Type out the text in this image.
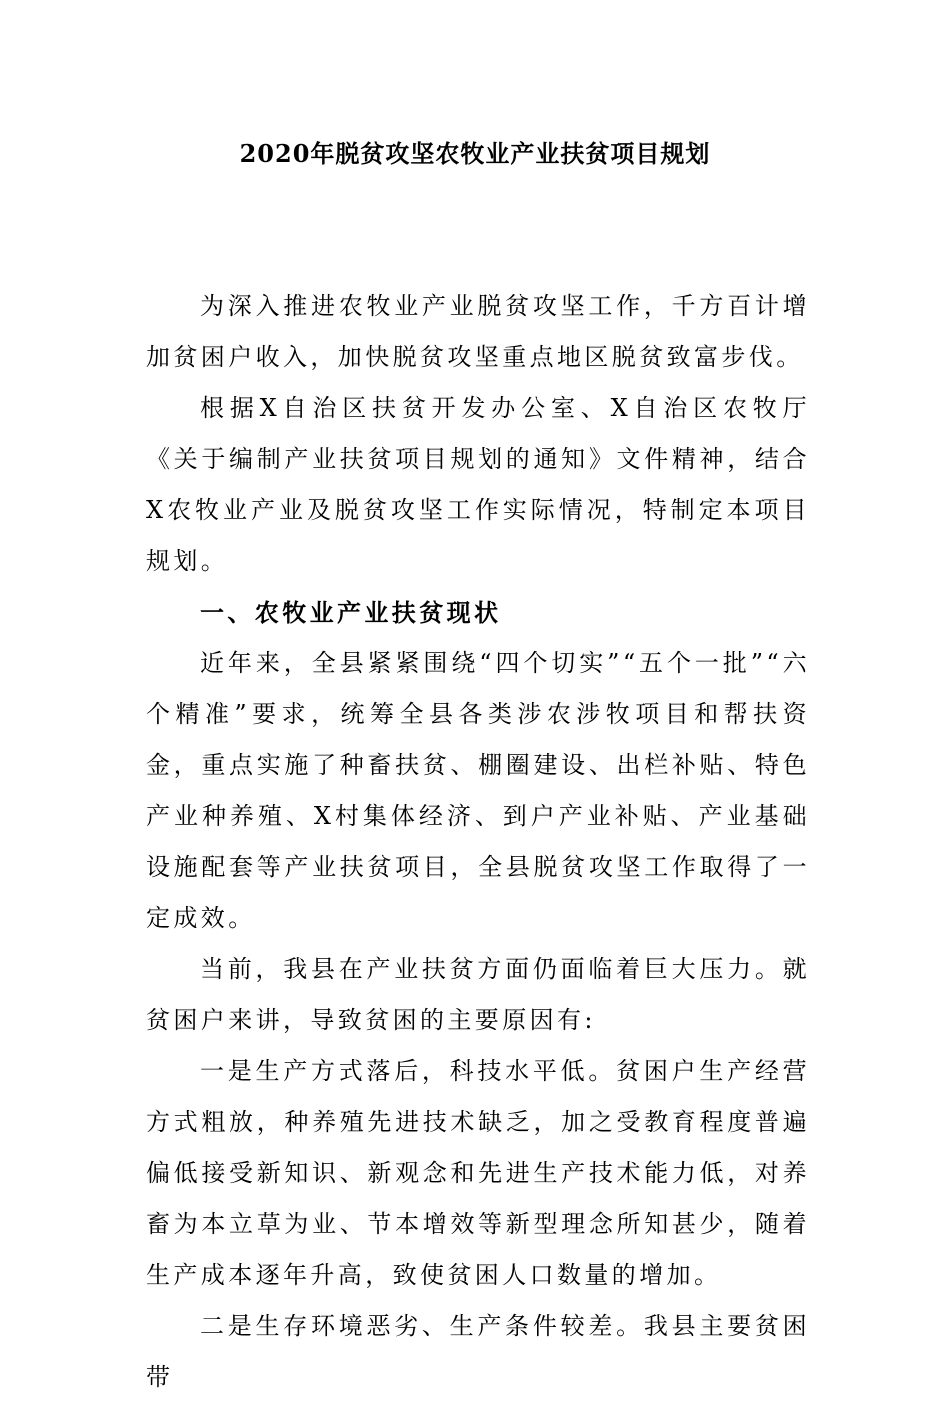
2020年脱贫攻坚农牧业产业扶贫项目规划

为深入推进农牧业产业脱贫攻坚工作，千方百计增加贫困户收入，加快脱贫攻坚重点地区脱贫致富步伐。

根据X自治区扶贫开发办公室、X自治区农牧厅《关于编制产业扶贫项目规划的通知》文件精神，结合X农牧业产业及脱贫攻坚工作实际情况，特制定本项目规划。

一、农牧业产业扶贫现状

近年来，全县紧紧围绕“四个切实”“五个一批”“六个精准”要求，统筹全县各类涉农涉牧项目和帮扶资金，重点实施了种畜扶贫、棚圈建设、出栏补贴、特色产业种养殖、X村集体经济、到户产业补贴、产业基础设施配套等产业扶贫项目，全县脱贫攻坚工作取得了一定成效。

当前，我县在产业扶贫方面仍面临着巨大压力。就贫困户来讲，导致贫困的主要原因有:

一是生产方式落后，科技水平低。贫困户生产经营方式粗放，种养殖先进技术缺乏，加之受教育程度普遍偏低接受新知识、新观念和先进生产技术能力低，对养畜为本立草为业、节本增效等新型理念所知甚少，随着生产成本逐年升高，致使贫困人口数量的增加。

二是生存环境恶劣、生产条件较差。我县主要贫困带
